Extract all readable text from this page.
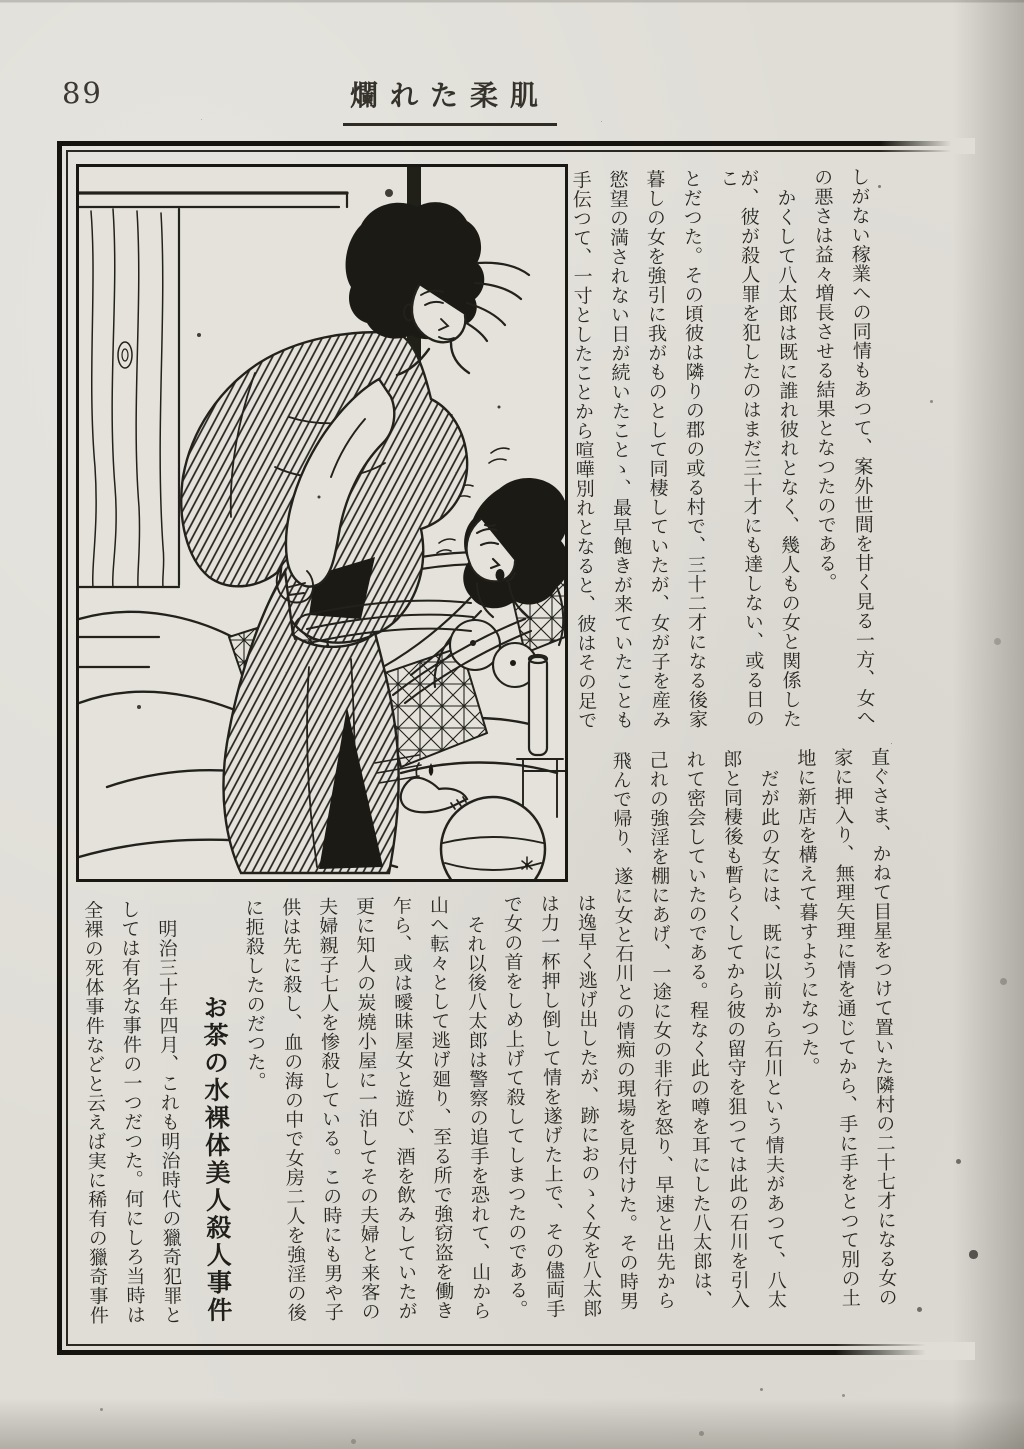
89	爛れた柔肌
しがない稼業への同情もあつて、案外世間を甘く見る一方、女へ
の悪さは益々増長させる結果となつたのである。
かくして八太郎は既に誰れ彼れとなく、幾人もの女と関係した
が、彼が殺人罪を犯したのはまだ三十才にも達しない、或る日のこ
とだつた。その頃彼は隣りの郡の或る村で、三十二才になる後家
暮しの女を強引に我がものとして同棲していたが、女が子を産み
慾望の満されない日が続いたことゝ、最早飽きが来ていたことも
手伝つて、一寸としたことから喧嘩別れとなると、彼はその足で
直ぐさま、かねて目星をつけて置いた隣村の二十七才になる女の
家に押入り、無理矢理に情を通じてから、手に手をとつて別の土
地に新店を構えて暮すようになつた。
だが此の女には、既に以前から石川という情夫があつて、八太
郎と同棲後も暫らくしてから彼の留守を狙つては此の石川を引入
れて密会していたのである。程なく此の噂を耳にした八太郎は、
己れの強淫を棚にあげ、一途に女の非行を怒り、早速と出先から
飛んで帰り、遂に女と石川との情痴の現場を見付けた。その時男
は逸早く逃げ出したが、跡におのゝく女を八太郎
は力一杯押し倒して情を遂げた上で、その儘両手
で女の首をしめ上げて殺してしまつたのである。
それ以後八太郎は警察の追手を恐れて、山から
山へ転々として逃げ廻り、至る所で強窃盗を働き
乍ら、或は曖昧屋女と遊び、酒を飲みしていたが
更に知人の炭燒小屋に一泊してその夫婦と来客の
夫婦親子七人を惨殺している。この時にも男や子
供は先に殺し、血の海の中で女房二人を強淫の後
に扼殺したのだつた。
お茶の水裸体美人殺人事件
明治三十年四月、これも明治時代の獵奇犯罪と
しては有名な事件の一つだつた。何にしろ当時は
全裸の死体事件などと云えば実に稀有の獵奇事件
